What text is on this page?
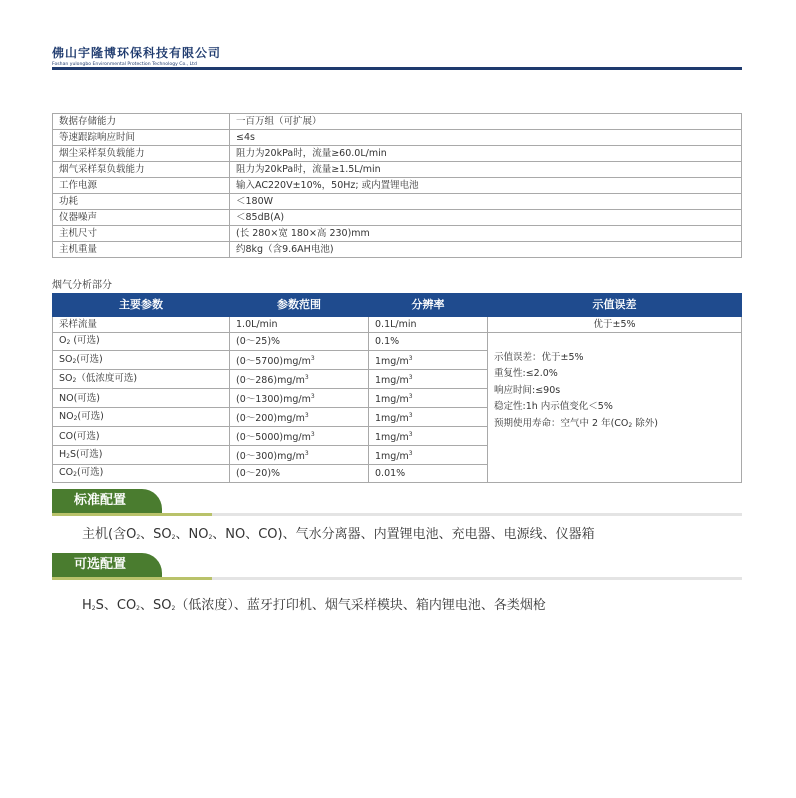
佛山宇隆博环保科技有限公司
Foshan yulongbo Environmental Protection Technology Co., Ltd
数据存储能力	一百万组（可扩展）
等速跟踪响应时间	≤4s
烟尘采样泵负载能力	阻力为20kPa时，流量≥60.0L/min
烟气采样泵负载能力	阻力为20kPa时，流量≥1.5L/min
工作电源	输入AC220V±10%，50Hz; 或内置锂电池
功耗	＜180W
仪器噪声	＜85dB(A)
主机尺寸	(长 280×宽 180×高 230)mm
主机重量	约8kg（含9.6AH电池)
烟气分析部分
主要参数	参数范围	分辨率	示值误差
采样流量	1.0L/min	0.1L/min	优于±5%
$O_2$ (可选)	(0～25)%	0.1%	示值误差：优于±5%
重复性:≤2.0%
响应时间:≤90s
稳定性:1h 内示值变化＜5%
预期使用寿命：空气中 2 年($CO_2$ 除外)

$SO_2$(可选)	$(0\sim 5700)mg/m^3$	$1mg/m^3$
$SO_2$（低浓度可选)	$(0\sim 286)mg/m^3$	$1mg/m^3$
NO(可选)	$(0\sim 1300)mg/m^3$	$1mg/m^3$
$NO_2$(可选)	$(0\sim 200)mg/m^3$	$1mg/m^3$
CO(可选)	$(0\sim 5000)mg/m^3$	$1mg/m^3$
$H_2S$(可选)	$(0\sim 300)mg/m^3$	$1mg/m^3$
$CO_2$(可选)	(0～20)%	0.01%	
标准配置
主机(含$O_2$、$SO_2$、$NO_2$、NO、CO)、气水分离器、内置锂电池、充电器、电源线、仪器箱
可选配置
$H_2S$、$CO_2$、$SO_2$（低浓度）、蓝牙打印机、烟气采样模块、箱内锂电池、各类烟枪
